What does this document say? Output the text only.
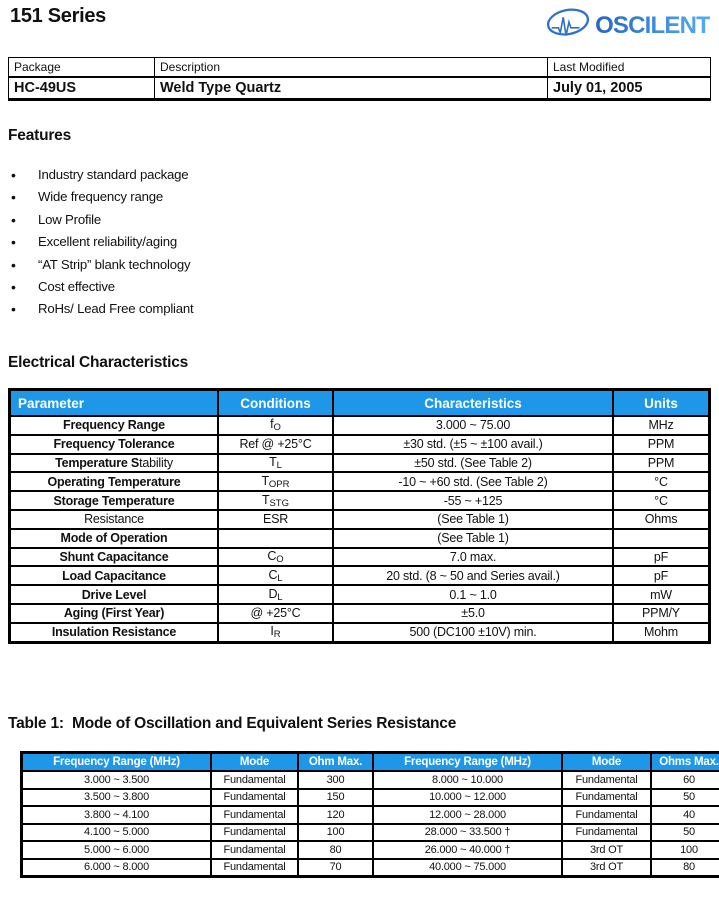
151 Series	OSCILENT
Package	Description	Last Modified
HC-49US	Weld Type Quartz	July 01, 2005
Features
• Industry standard package
• Wide frequency range
• Low Profile
• Excellent reliability/aging
• “AT Strip” blank technology
• Cost effective
• RoHs/ Lead Free compliant
Electrical Characteristics
Parameter	Conditions	Characteristics	Units
Frequency Range	$f_O$	3.000 ~ 75.00	MHz
Frequency Tolerance	Ref @ +25°C	±30 std. (±5 ~ ±100 avail.)	PPM
Temperature Stability	$T_L$	±50 std. (See Table 2)	PPM
Operating Temperature	$T_{OPR}$	-10 ~ +60 std. (See Table 2)	°C
Storage Temperature	$T_{STG}$	-55 ~ +125	°C
Resistance	ESR	(See Table 1)	Ohms
Mode of Operation		(See Table 1)	
Shunt Capacitance	$C_O$	7.0 max.	pF
Load Capacitance	$C_L$	20 std. (8 ~ 50 and Series avail.)	pF
Drive Level	$D_L$	0.1 ~ 1.0	mW
Aging (First Year)	@ +25°C	±5.0	PPM/Y
Insulation Resistance	$I_R$	500 (DC100 ±10V) min.	Mohm
Table 1:  Mode of Oscillation and Equivalent Series Resistance
Frequency Range (MHz)	Mode	Ohm Max.	Frequency Range (MHz)	Mode	Ohms Max.
3.000 ~ 3.500	Fundamental	300	8.000 ~ 10.000	Fundamental	60
3.500 ~ 3.800	Fundamental	150	10.000 ~ 12.000	Fundamental	50
3.800 ~ 4.100	Fundamental	120	12.000 ~ 28.000	Fundamental	40
4.100 ~ 5.000	Fundamental	100	28.000 ~ 33.500 †	Fundamental	50
5.000 ~ 6.000	Fundamental	80	26.000 ~ 40.000 †	3rd OT	100
6.000 ~ 8.000	Fundamental	70	40.000 ~ 75.000	3rd OT	80
